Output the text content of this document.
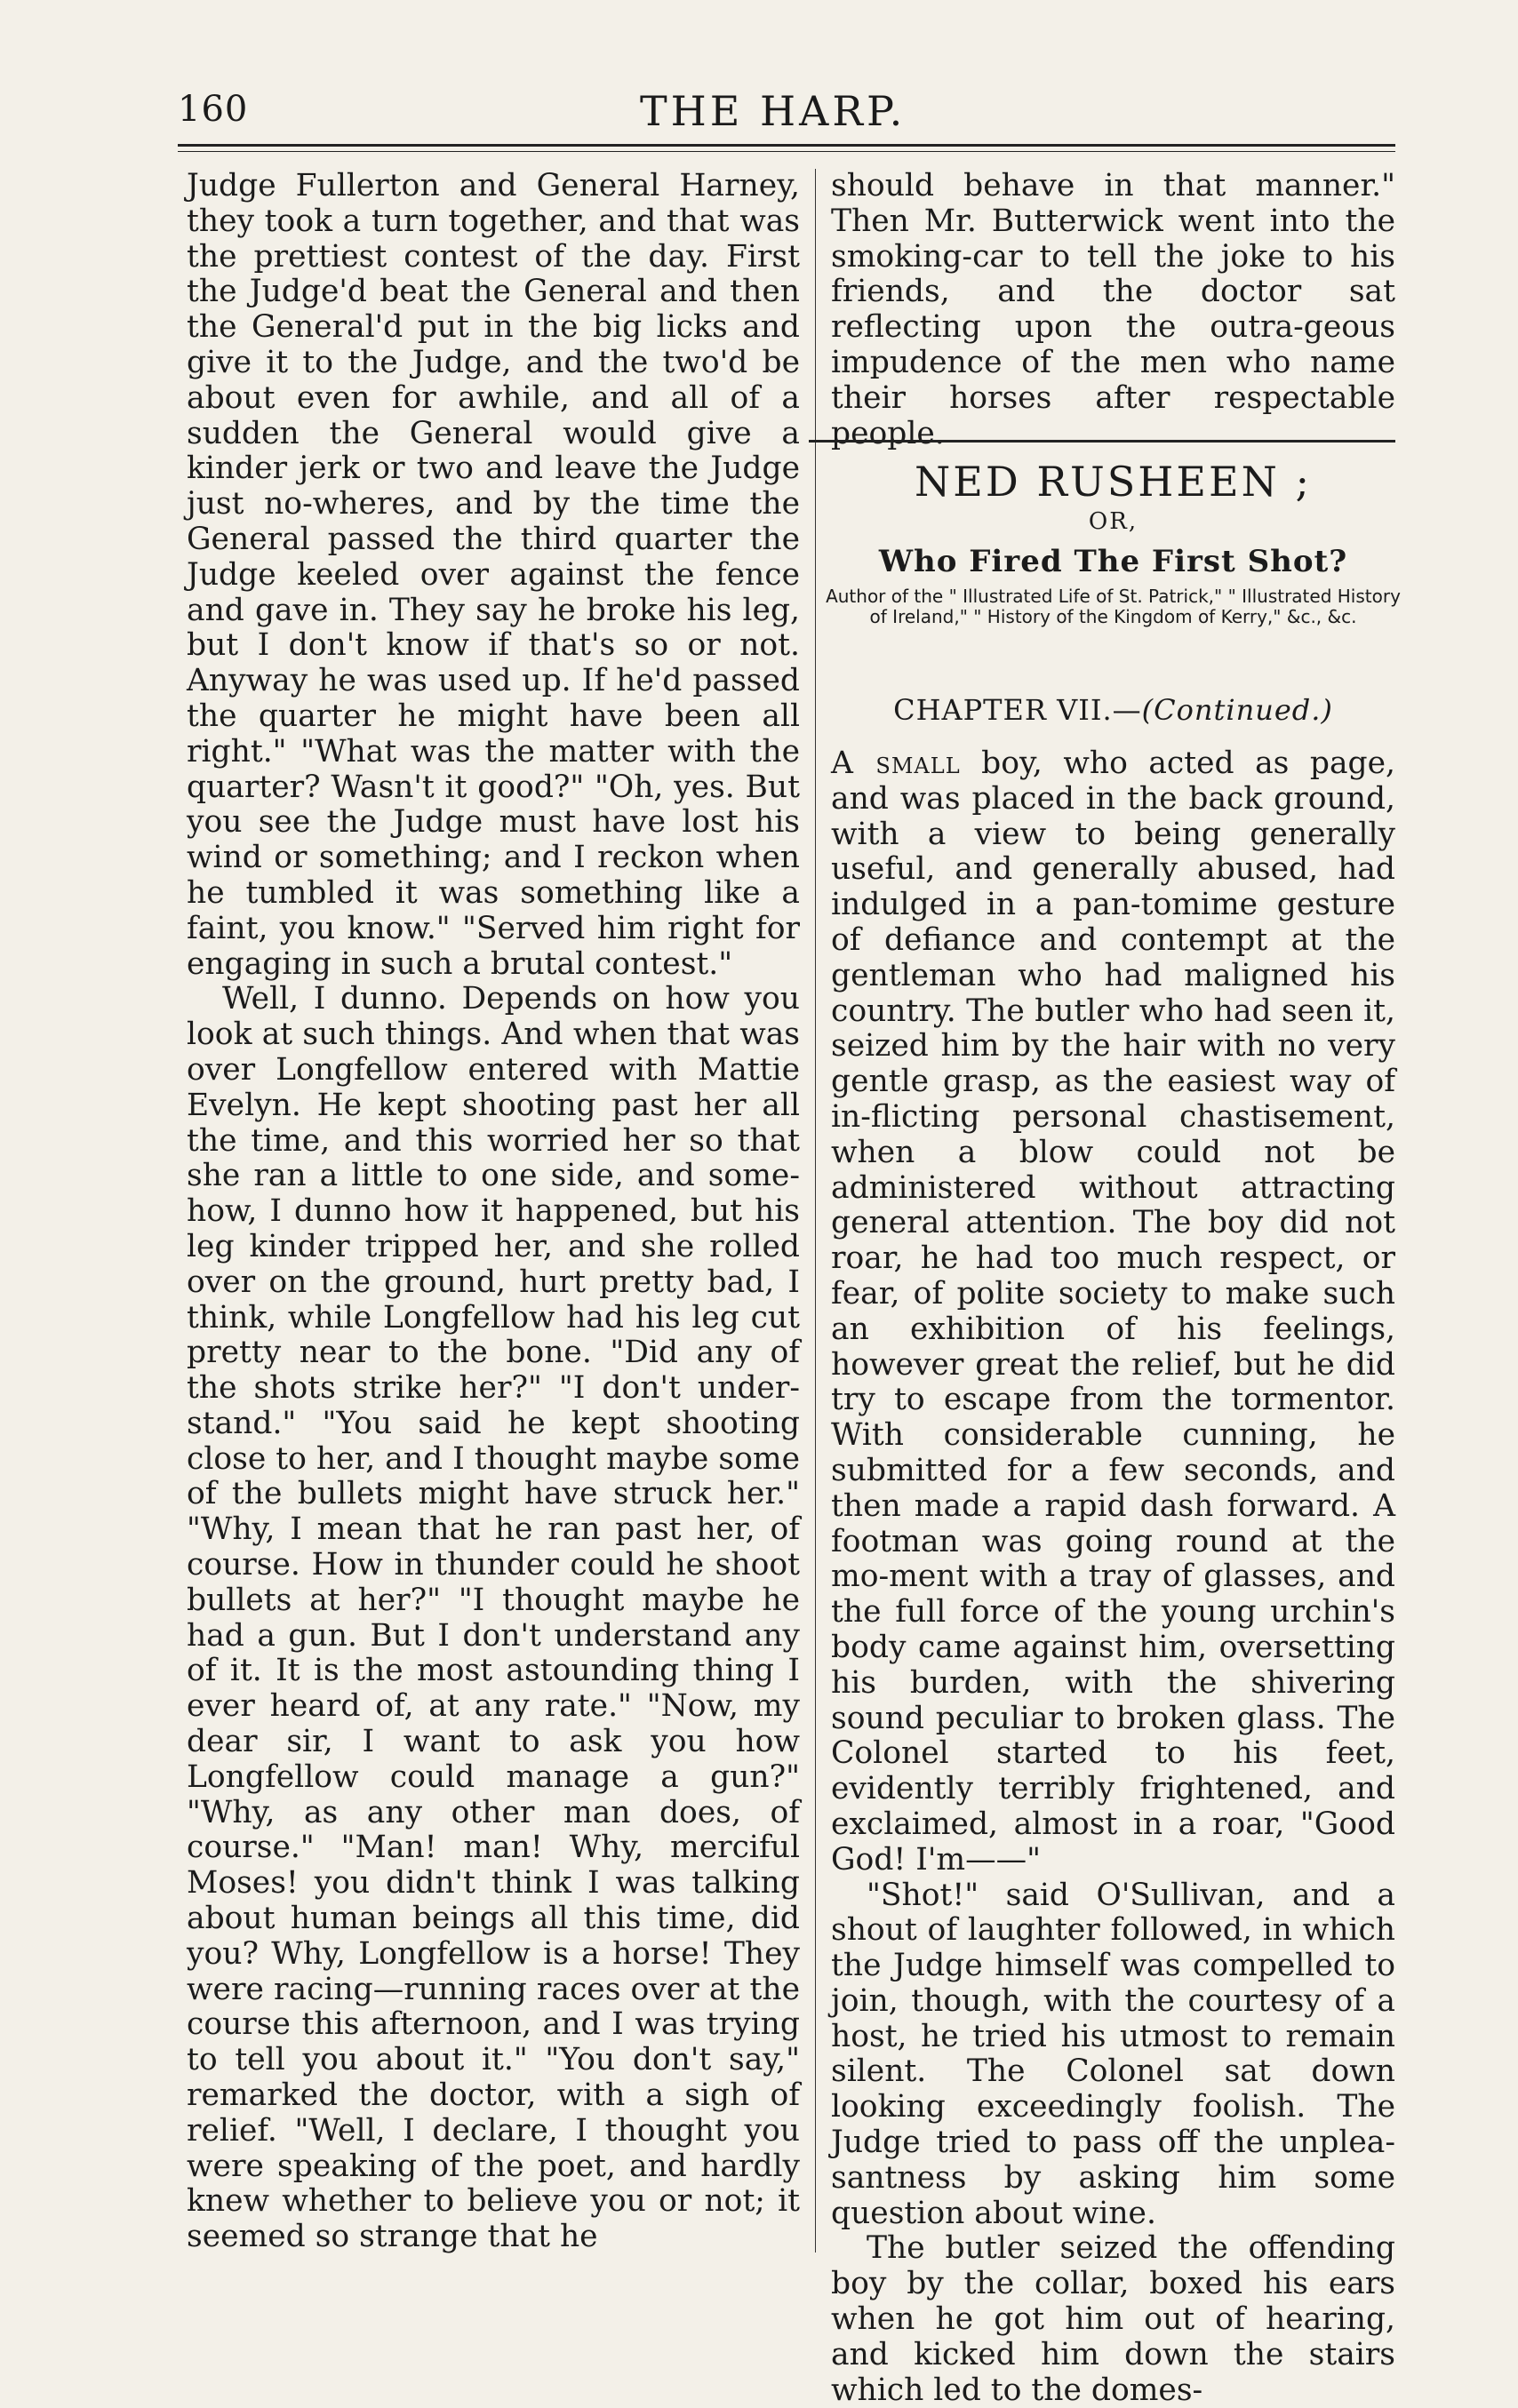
160	THE HARP.

Judge Fullerton and General Harney, they took a turn together, and that was the prettiest contest of the day. First the Judge'd beat the General and then the General'd put in the big licks and give it to the Judge, and the two'd be about even for awhile, and all of a sudden the General would give a kinder jerk or two and leave the Judge just no-wheres, and by the time the General passed the third quarter the Judge keeled over against the fence and gave in. They say he broke his leg, but I don't know if that's so or not. Anyway he was used up. If he'd passed the quarter he might have been all right." "What was the matter with the quarter? Wasn't it good?" "Oh, yes. But you see the Judge must have lost his wind or something; and I reckon when he tumbled it was something like a faint, you know." "Served him right for engaging in such a brutal contest."

Well, I dunno. Depends on how you look at such things. And when that was over Longfellow entered with Mattie Evelyn. He kept shooting past her all the time, and this worried her so that she ran a little to one side, and some-how, I dunno how it happened, but his leg kinder tripped her, and she rolled over on the ground, hurt pretty bad, I think, while Longfellow had his leg cut pretty near to the bone. "Did any of the shots strike her?" "I don't under-stand." "You said he kept shooting close to her, and I thought maybe some of the bullets might have struck her." "Why, I mean that he ran past her, of course. How in thunder could he shoot bullets at her?" "I thought maybe he had a gun. But I don't understand any of it. It is the most astounding thing I ever heard of, at any rate." "Now, my dear sir, I want to ask you how Longfellow could manage a gun?" "Why, as any other man does, of course." "Man! man! Why, merciful Moses! you didn't think I was talking about human beings all this time, did you? Why, Longfellow is a horse! They were racing—running races over at the course this afternoon, and I was trying to tell you about it." "You don't say," remarked the doctor, with a sigh of relief. "Well, I declare, I thought you were speaking of the poet, and hardly knew whether to believe you or not; it seemed so strange that he

should behave in that manner." Then Mr. Butterwick went into the smoking-car to tell the joke to his friends, and the doctor sat reflecting upon the outra-geous impudence of the men who name their horses after respectable people.

NED RUSHEEN ;
OR,
Who Fired The First Shot?
Author of the " Illustrated Life of St. Patrick," " Illustrated History of Ireland," " History of the Kingdom of Kerry," &c., &c.
CHAPTER VII.—(Continued.)

A small boy, who acted as page, and was placed in the back ground, with a view to being generally useful, and generally abused, had indulged in a pan-tomime gesture of defiance and contempt at the gentleman who had maligned his country. The butler who had seen it, seized him by the hair with no very gentle grasp, as the easiest way of in-flicting personal chastisement, when a blow could not be administered without attracting general attention. The boy did not roar, he had too much respect, or fear, of polite society to make such an exhibition of his feelings, however great the relief, but he did try to escape from the tormentor. With considerable cunning, he submitted for a few seconds, and then made a rapid dash forward. A footman was going round at the mo-ment with a tray of glasses, and the full force of the young urchin's body came against him, oversetting his burden, with the shivering sound peculiar to broken glass. The Colonel started to his feet, evidently terribly frightened, and exclaimed, almost in a roar, "Good God! I'm——"

"Shot!" said O'Sullivan, and a shout of laughter followed, in which the Judge himself was compelled to join, though, with the courtesy of a host, he tried his utmost to remain silent. The Colonel sat down looking exceedingly foolish. The Judge tried to pass off the unplea-santness by asking him some question about wine.

The butler seized the offending boy by the collar, boxed his ears when he got him out of hearing, and kicked him down the stairs which led to the domes-
